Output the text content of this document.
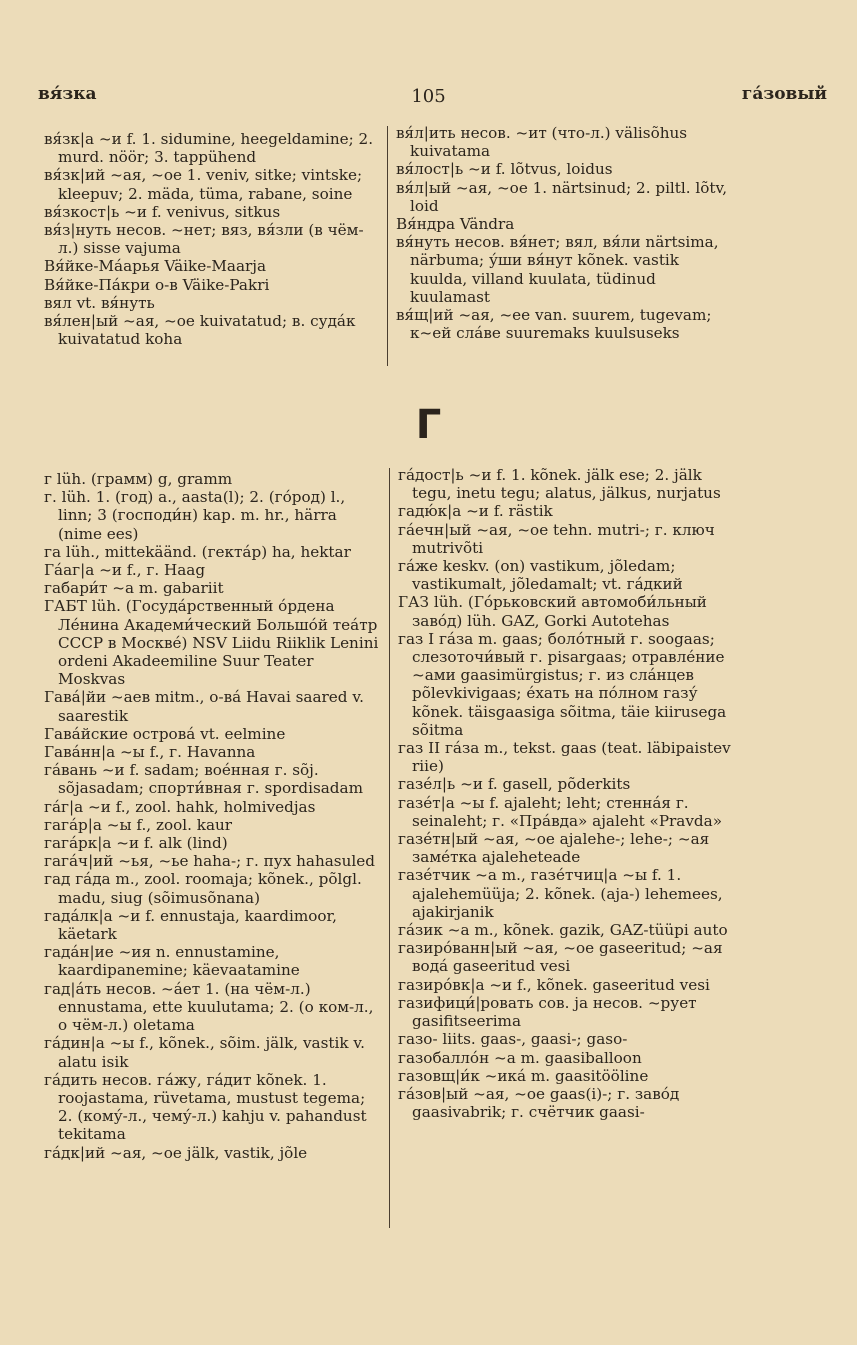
вя́зка	105	га́зовый

вя́зк|а ~и f. 1. sidumine, heegeldamine; 2. murd. nöör; 3. tappühend

вя́зк|ий ~ая, ~ое 1. veniv, sitke; vintske; kleepuv; 2. mäda, tüma, rabane, soine

вя́зкост|ь ~и f. venivus, sitkus

вя́з|нуть несов. ~нет; вяз, вя́зли (в чём-л.) sisse vajuma

Вя́йке-Ма́арья Väike-Maarja

Вя́йке-Па́кри о-в Väike-Pakri

вял vt. вя́нуть

вя́лен|ый ~ая, ~ое kuivatatud; в. суда́к kuivatatud koha

вя́л|ить несов. ~ит (что-л.) välisõhus kuivatama

вя́лост|ь ~и f. lõtvus, loidus

вя́л|ый ~ая, ~ое 1. närtsinud; 2. piltl. lõtv, loid

Вя́ндра Vändra

вя́нуть несов. вя́нет; вял, вя́ли närtsima, närbuma; у́ши вя́нут kõnek. vastik kuulda, villand kuulata, tüdinud kuulamast

вя́щ|ий ~ая, ~ее van. suurem, tugevam; к~ей сла́ве suuremaks kuulsuseks

Г

г lüh. (грамм) g, gramm

г. lüh. 1. (год) a., aasta(l); 2. (го́род) l., linn; 3 (господи́н) kap. m. hr., härra (nime ees)

га lüh., mittekäänd. (гекта́р) ha, hektar

Га́аг|а ~и f., г. Haag

габари́т ~а m. gabariit

ГАБТ lüh. (Госуда́рственный о́рдена Ле́нина Академи́ческий Большо́й теа́тр СССР в Москве́) NSV Liidu Riiklik Lenini ordeni Akadeemiline Suur Teater Moskvas

Гава́|йи ~аев mitm., о-ва́ Havai saared v. saarestik

Гава́йские острова́ vt. eelmine

Гава́нн|а ~ы f., г. Havanna

га́вань ~и f. sadam; вое́нная г. sõj. sõjasadam; спорти́вная г. spordisadam

га́г|а ~и f., zool. hahk, holmivedjas

гага́р|а ~ы f., zool. kaur

гага́рк|а ~и f. alk (lind)

гага́ч|ий ~ья, ~ье haha-; г. пух hahasuled

гад га́да m., zool. roomaja; kõnek., põlgl. madu, siug (sõimusõnana)

гада́лк|а ~и f. ennustaja, kaardimoor, käetark

гада́н|ие ~ия n. ennustamine, kaardipanemine; käevaatamine

гад|а́ть несов. ~а́ет 1. (на чём-л.) ennustama, ette kuulutama; 2. (о ком-л., о чём-л.) oletama

га́дин|а ~ы f., kõnek., sõim. jälk, vastik v. alatu isik

га́дить несов. га́жу, га́дит kõnek. 1. roojastama, rüvetama, mustust tegema; 2. (кому́-л., чему́-л.) kahju v. pahandust tekitama

га́дк|ий ~ая, ~ое jälk, vastik, jõle

га́дост|ь ~и f. 1. kõnek. jälk ese; 2. jälk tegu, inetu tegu; alatus, jälkus, nurjatus

гадю́к|а ~и f. rästik

га́ечн|ый ~ая, ~ое tehn. mutri-; г. ключ mutrivõti

га́же keskv. (on) vastikum, jõledam; vastikumalt, jõledamalt; vt. га́дкий

ГАЗ lüh. (Го́рьковский автомоби́льный заво́д) lüh. GAZ, Gorki Autotehas

газ I га́за m. gaas; боло́тный г. soogaas; слезоточи́вый г. pisargaas; отравле́ние ~ами gaasimürgistus; г. из сла́нцев põlevkivigaas; е́хать на по́лном газу́ kõnek. täisgaasiga sõitma, täie kiirusega sõitma

газ II га́за m., tekst. gaas (teat. läbipaistev riie)

газе́л|ь ~и f. gasell, põderkits

газе́т|а ~ы f. ajaleht; leht; стенна́я г. seinaleht; г. «Пра́вда» ajaleht «Pravda»

газе́тн|ый ~ая, ~ое ajalehe-; lehe-; ~ая заме́тка ajaleheteade

газе́тчик ~а m., газе́тчиц|а ~ы f. 1. ajalehemüüja; 2. kõnek. (aja-) lehemees, ajakirjanik

га́зик ~а m., kõnek. gazik, GAZ-tüüpi auto

газиро́ванн|ый ~ая, ~ое gaseeritud; ~ая вода́ gaseeritud vesi

газиро́вк|а ~и f., kõnek. gaseeritud vesi

газифици́|ровать сов. ja несов. ~рует gasifitseerima

газо- liits. gaas-, gaasi-; gaso-

газобалло́н ~а m. gaasiballoon

газовщ|и́к ~ика́ m. gaasitööline

га́зов|ый ~ая, ~ое gaas(i)-; г. заво́д gaasivabrik; г. счётчик gaasi-
